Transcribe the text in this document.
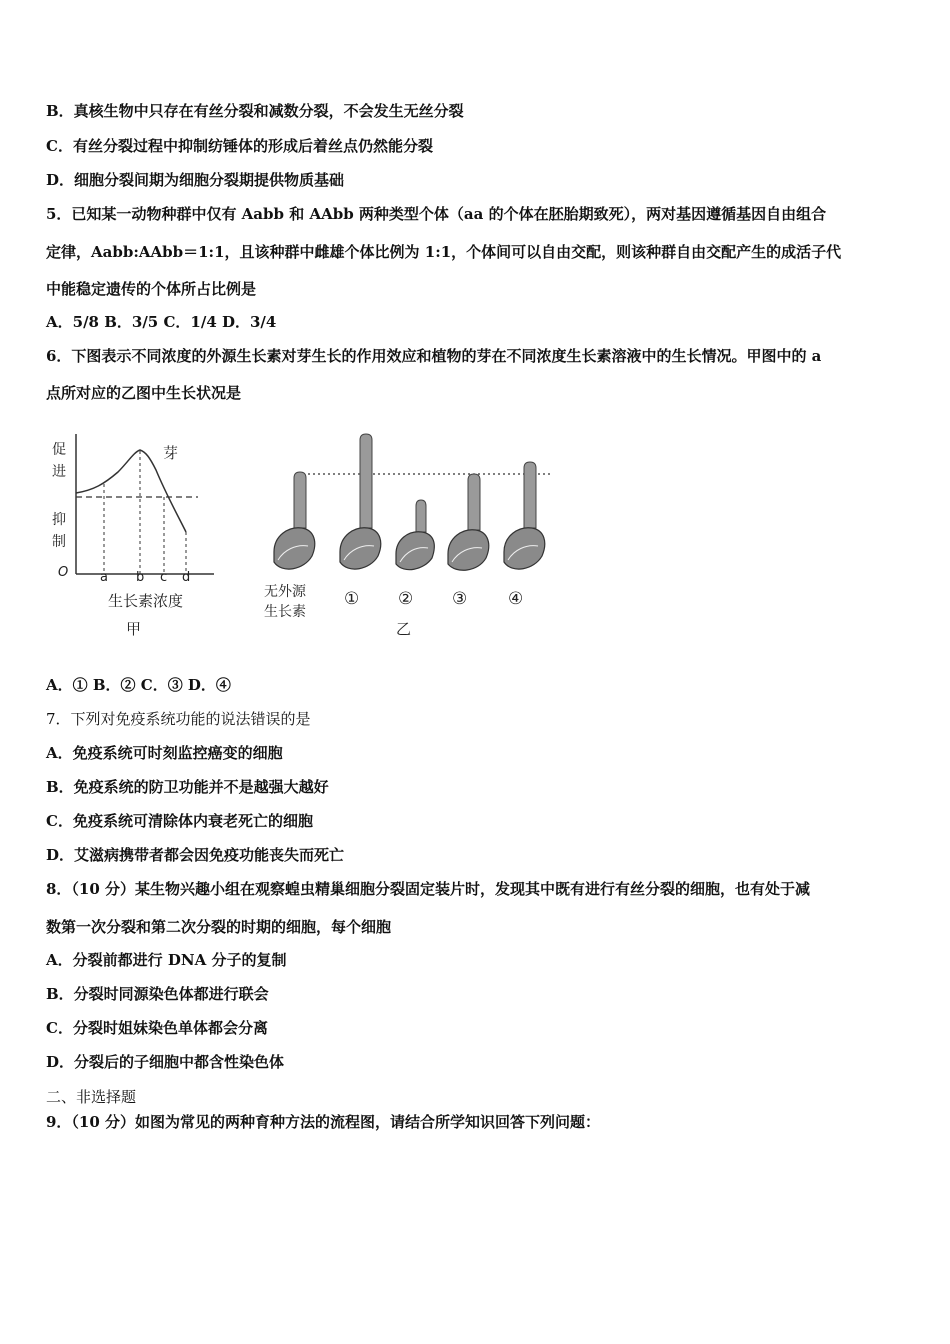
B．真核生物中只存在有丝分裂和减数分裂，不会发生无丝分裂
C．有丝分裂过程中抑制纺锤体的形成后着丝点仍然能分裂
D．细胞分裂间期为细胞分裂期提供物质基础
5．已知某一动物种群中仅有 Aabb 和 AAbb 两种类型个体（aa 的个体在胚胎期致死），两对基因遵循基因自由组合
定律，Aabb:AAbb＝1:1，且该种群中雌雄个体比例为 1:1，个体间可以自由交配，则该种群自由交配产生的成活子代
中能稳定遗传的个体所占比例是
A．5/8 B．3/5 C．1/4 D．3/4
6．下图表示不同浓度的外源生长素对芽生长的作用效应和植物的芽在不同浓度生长素溶液中的生长情况。甲图中的 a
点所对应的乙图中生长状况是
促
进
抑
制
O
芽
a b c d
生长素浓度
甲
无外源
生长素
① ② ③ ④
乙
A．① B．② C．③ D．④
7．下列对免疫系统功能的说法错误的是
A．免疫系统可时刻监控癌变的细胞
B．免疫系统的防卫功能并不是越强大越好
C．免疫系统可清除体内衰老死亡的细胞
D．艾滋病携带者都会因免疫功能丧失而死亡
8．（10 分）某生物兴趣小组在观察蝗虫精巢细胞分裂固定装片时，发现其中既有进行有丝分裂的细胞，也有处于减
数第一次分裂和第二次分裂的时期的细胞，每个细胞
A．分裂前都进行 DNA 分子的复制
B．分裂时同源染色体都进行联会
C．分裂时姐妹染色单体都会分离
D．分裂后的子细胞中都含性染色体
二、非选择题
9．（10 分）如图为常见的两种育种方法的流程图，请结合所学知识回答下列问题：
